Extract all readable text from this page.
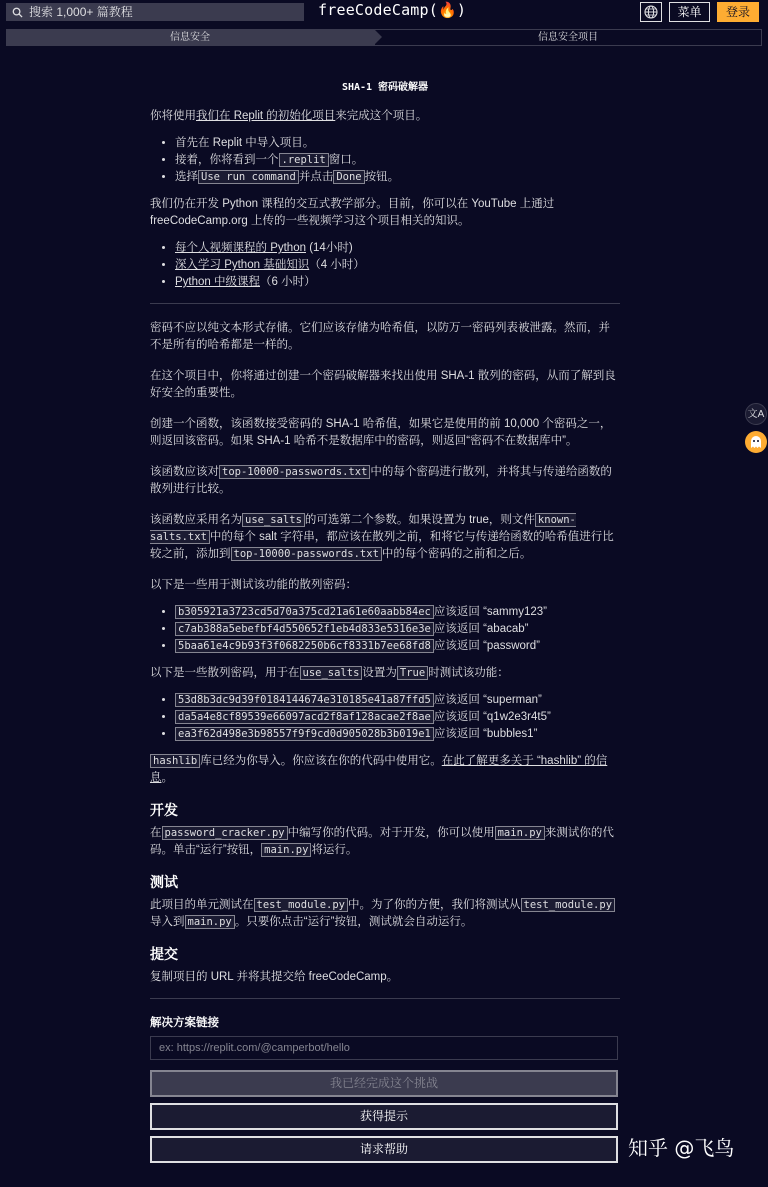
搜索 1,000+ 篇教程
freeCodeCamp(🔥)	菜单	登录
信息安全	信息安全项目
SHA-1 密码破解器

你将使用我们在 Replit 的初始化项目来完成这个项目。

• 首先在 Replit 中导入项目。
• 接着，你将看到一个 .replit 窗口。
• 选择 Use run command 并点击 Done 按钮。

我们仍在开发 Python 课程的交互式教学部分。目前，你可以在 YouTube 上通过 freeCodeCamp.org 上传的一些视频学习这个项目相关的知识。

• 每个人视频课程的 Python (14小时)
• 深入学习 Python 基础知识（4 小时）
• Python 中级课程（6 小时）

密码不应以纯文本形式存储。它们应该存储为哈希值，以防万一密码列表被泄露。然而，并不是所有的哈希都是一样的。

在这个项目中，你将通过创建一个密码破解器来找出使用 SHA-1 散列的密码，从而了解到良好安全的重要性。

创建一个函数，该函数接受密码的 SHA-1 哈希值，如果它是使用的前 10,000 个密码之一，则返回该密码。如果 SHA-1 哈希不是数据库中的密码，则返回“密码不在数据库中”。

该函数应该对 top-10000-passwords.txt 中的每个密码进行散列，并将其与传递给函数的散列进行比较。

该函数应采用名为 use_salts 的可选第二个参数。如果设置为 true，则文件 known-salts.txt 中的每个 salt 字符串，都应该在散列之前，和将它与传递给函数的哈希值进行比较之前，添加到 top-10000-passwords.txt 中的每个密码的之前和之后。

以下是一些用于测试该功能的散列密码：

• b305921a3723cd5d70a375cd21a61e60aabb84ec 应该返回 “sammy123”
• c7ab388a5ebefbf4d550652f1eb4d833e5316e3e 应该返回 “abacab”
• 5baa61e4c9b93f3f0682250b6cf8331b7ee68fd8 应该返回 “password”

以下是一些散列密码，用于在 use_salts 设置为 True 时测试该功能：

• 53d8b3dc9d39f0184144674e310185e41a87ffd5 应该返回 “superman”
• da5a4e8cf89539e66097acd2f8af128acae2f8ae 应该返回 “q1w2e3r4t5”
• ea3f62d498e3b98557f9f9cd0d905028b3b019e1 应该返回 “bubbles1”

hashlib 库已经为你导入。你应该在你的代码中使用它。在此了解更多关于 “hashlib” 的信息。

开发

在 password_cracker.py 中编写你的代码。对于开发，你可以使用 main.py 来测试你的代码。单击“运行”按钮， main.py 将运行。

测试

此项目的单元测试在 test_module.py 中。为了你的方便，我们将测试从 test_module.py导入到 main.py 。只要你点击“运行”按钮，测试就会自动运行。

提交

复制项目的 URL 并将其提交给 freeCodeCamp。

解决方案链接
ex: https://replit.com/@camperbot/hello
我已经完成这个挑战
获得提示
请求帮助
文A
知乎 @飞鸟
